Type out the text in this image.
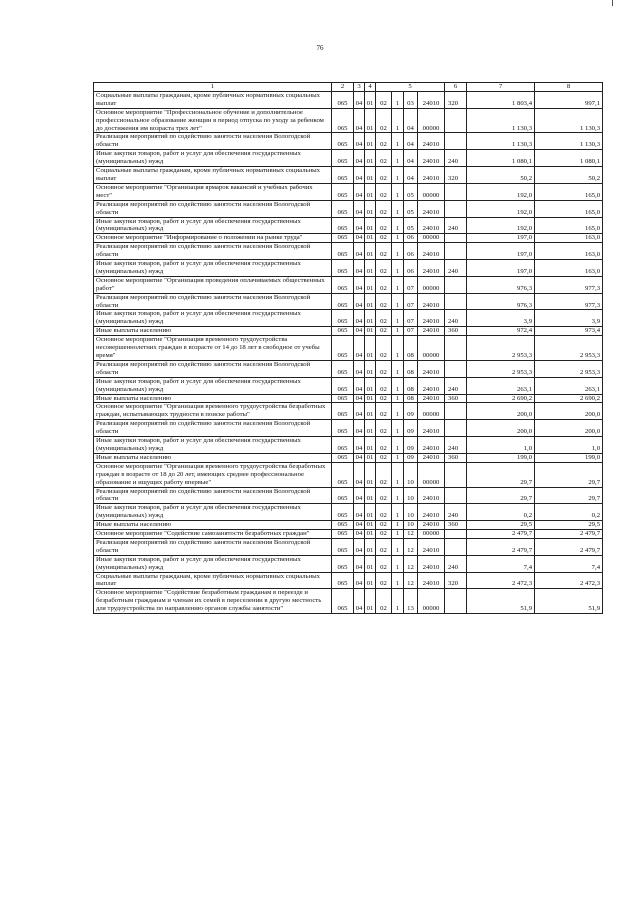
76
1	2	3	4	5				6	7	8
Социальные выплаты гражданам, кроме публичных нормативных социальных выплат	065	04	01	02	1	03	24010	320	1 803,4	997,1
Основное мероприятие "Профессиональное обучение и дополнительное профессиональное образование женщин в период отпуска по уходу за ребенком до достижения им возраста трех лет"	065	04	01	02	1	04	00000		1 130,3	1 130,3
Реализация мероприятий по содействию занятости населения Вологодской области	065	04	01	02	1	04	24010		1 130,3	1 130,3
Иные закупки товаров, работ и услуг для обеспечения государственных (муниципальных) нужд	065	04	01	02	1	04	24010	240	1 080,1	1 080,1
Социальные выплаты гражданам, кроме публичных нормативных социальных выплат	065	04	01	02	1	04	24010	320	50,2	50,2
Основное мероприятие "Организация ярмарок вакансий и учебных рабочих мест"	065	04	01	02	1	05	00000		192,0	165,0
Реализация мероприятий по содействию занятости населения Вологодской области	065	04	01	02	1	05	24010		192,0	165,0
Иные закупки товаров, работ и услуг для обеспечения государственных (муниципальных) нужд	065	04	01	02	1	05	24010	240	192,0	165,0
Основное мероприятие "Информирование о положении на рынке труда"	065	04	01	02	1	06	00000		197,0	163,0
Реализация мероприятий по содействию занятости населения Вологодской области	065	04	01	02	1	06	24010		197,0	163,0
Иные закупки товаров, работ и услуг для обеспечения государственных (муниципальных) нужд	065	04	01	02	1	06	24010	240	197,0	163,0
Основное мероприятие "Организация проведения оплачиваемых общественных работ"	065	04	01	02	1	07	00000		976,3	977,3
Реализация мероприятий по содействию занятости населения Вологодской области	065	04	01	02	1	07	24010		976,3	977,3
Иные закупки товаров, работ и услуг для обеспечения государственных (муниципальных) нужд	065	04	01	02	1	07	24010	240	3,9	3,9
Иные выплаты населению	065	04	01	02	1	07	24010	360	972,4	973,4
Основное мероприятие "Организация временного трудоустройства несовершеннолетних граждан в возрасте от 14 до 18 лет в свободное от учебы время"	065	04	01	02	1	08	00000		2 953,3	2 953,3
Реализация мероприятий по содействию занятости населения Вологодской области	065	04	01	02	1	08	24010		2 953,3	2 953,3
Иные закупки товаров, работ и услуг для обеспечения государственных (муниципальных) нужд	065	04	01	02	1	08	24010	240	263,1	263,1
Иные выплаты населению	065	04	01	02	1	08	24010	360	2 690,2	2 690,2
Основное мероприятие "Организация временного трудоустройства безработных граждан, испытывающих трудности в поиске работы"	065	04	01	02	1	09	00000		200,0	200,0
Реализация мероприятий по содействию занятости населения Вологодской области	065	04	01	02	1	09	24010		200,0	200,0
Иные закупки товаров, работ и услуг для обеспечения государственных (муниципальных) нужд	065	04	01	02	1	09	24010	240	1,0	1,0
Иные выплаты населению	065	04	01	02	1	09	24010	360	199,0	199,0
Основное мероприятие "Организация временного трудоустройства безработных граждан в возрасте от 18 до 20 лет, имеющих среднее профессиональное образование и ищущих работу впервые"	065	04	01	02	1	10	00000		29,7	29,7
Реализация мероприятий по содействию занятости населения Вологодской области	065	04	01	02	1	10	24010		29,7	29,7
Иные закупки товаров, работ и услуг для обеспечения государственных (муниципальных) нужд	065	04	01	02	1	10	24010	240	0,2	0,2
Иные выплаты населению	065	04	01	02	1	10	24010	360	29,5	29,5
Основное мероприятие "Содействие самозанятости безработных граждан"	065	04	01	02	1	12	00000		2 479,7	2 479,7
Реализация мероприятий по содействию занятости населения Вологодской области	065	04	01	02	1	12	24010		2 479,7	2 479,7
Иные закупки товаров, работ и услуг для обеспечения государственных (муниципальных) нужд	065	04	01	02	1	12	24010	240	7,4	7,4
Социальные выплаты гражданам, кроме публичных нормативных социальных выплат	065	04	01	02	1	12	24010	320	2 472,3	2 472,3
Основное мероприятие "Содействие безработным гражданам в переезде и безработным гражданам и членам их семей в переселении в другую местность для трудоустройства по направлению органов службы занятости"	065	04	01	02	1	13	00000		51,9	51,9
